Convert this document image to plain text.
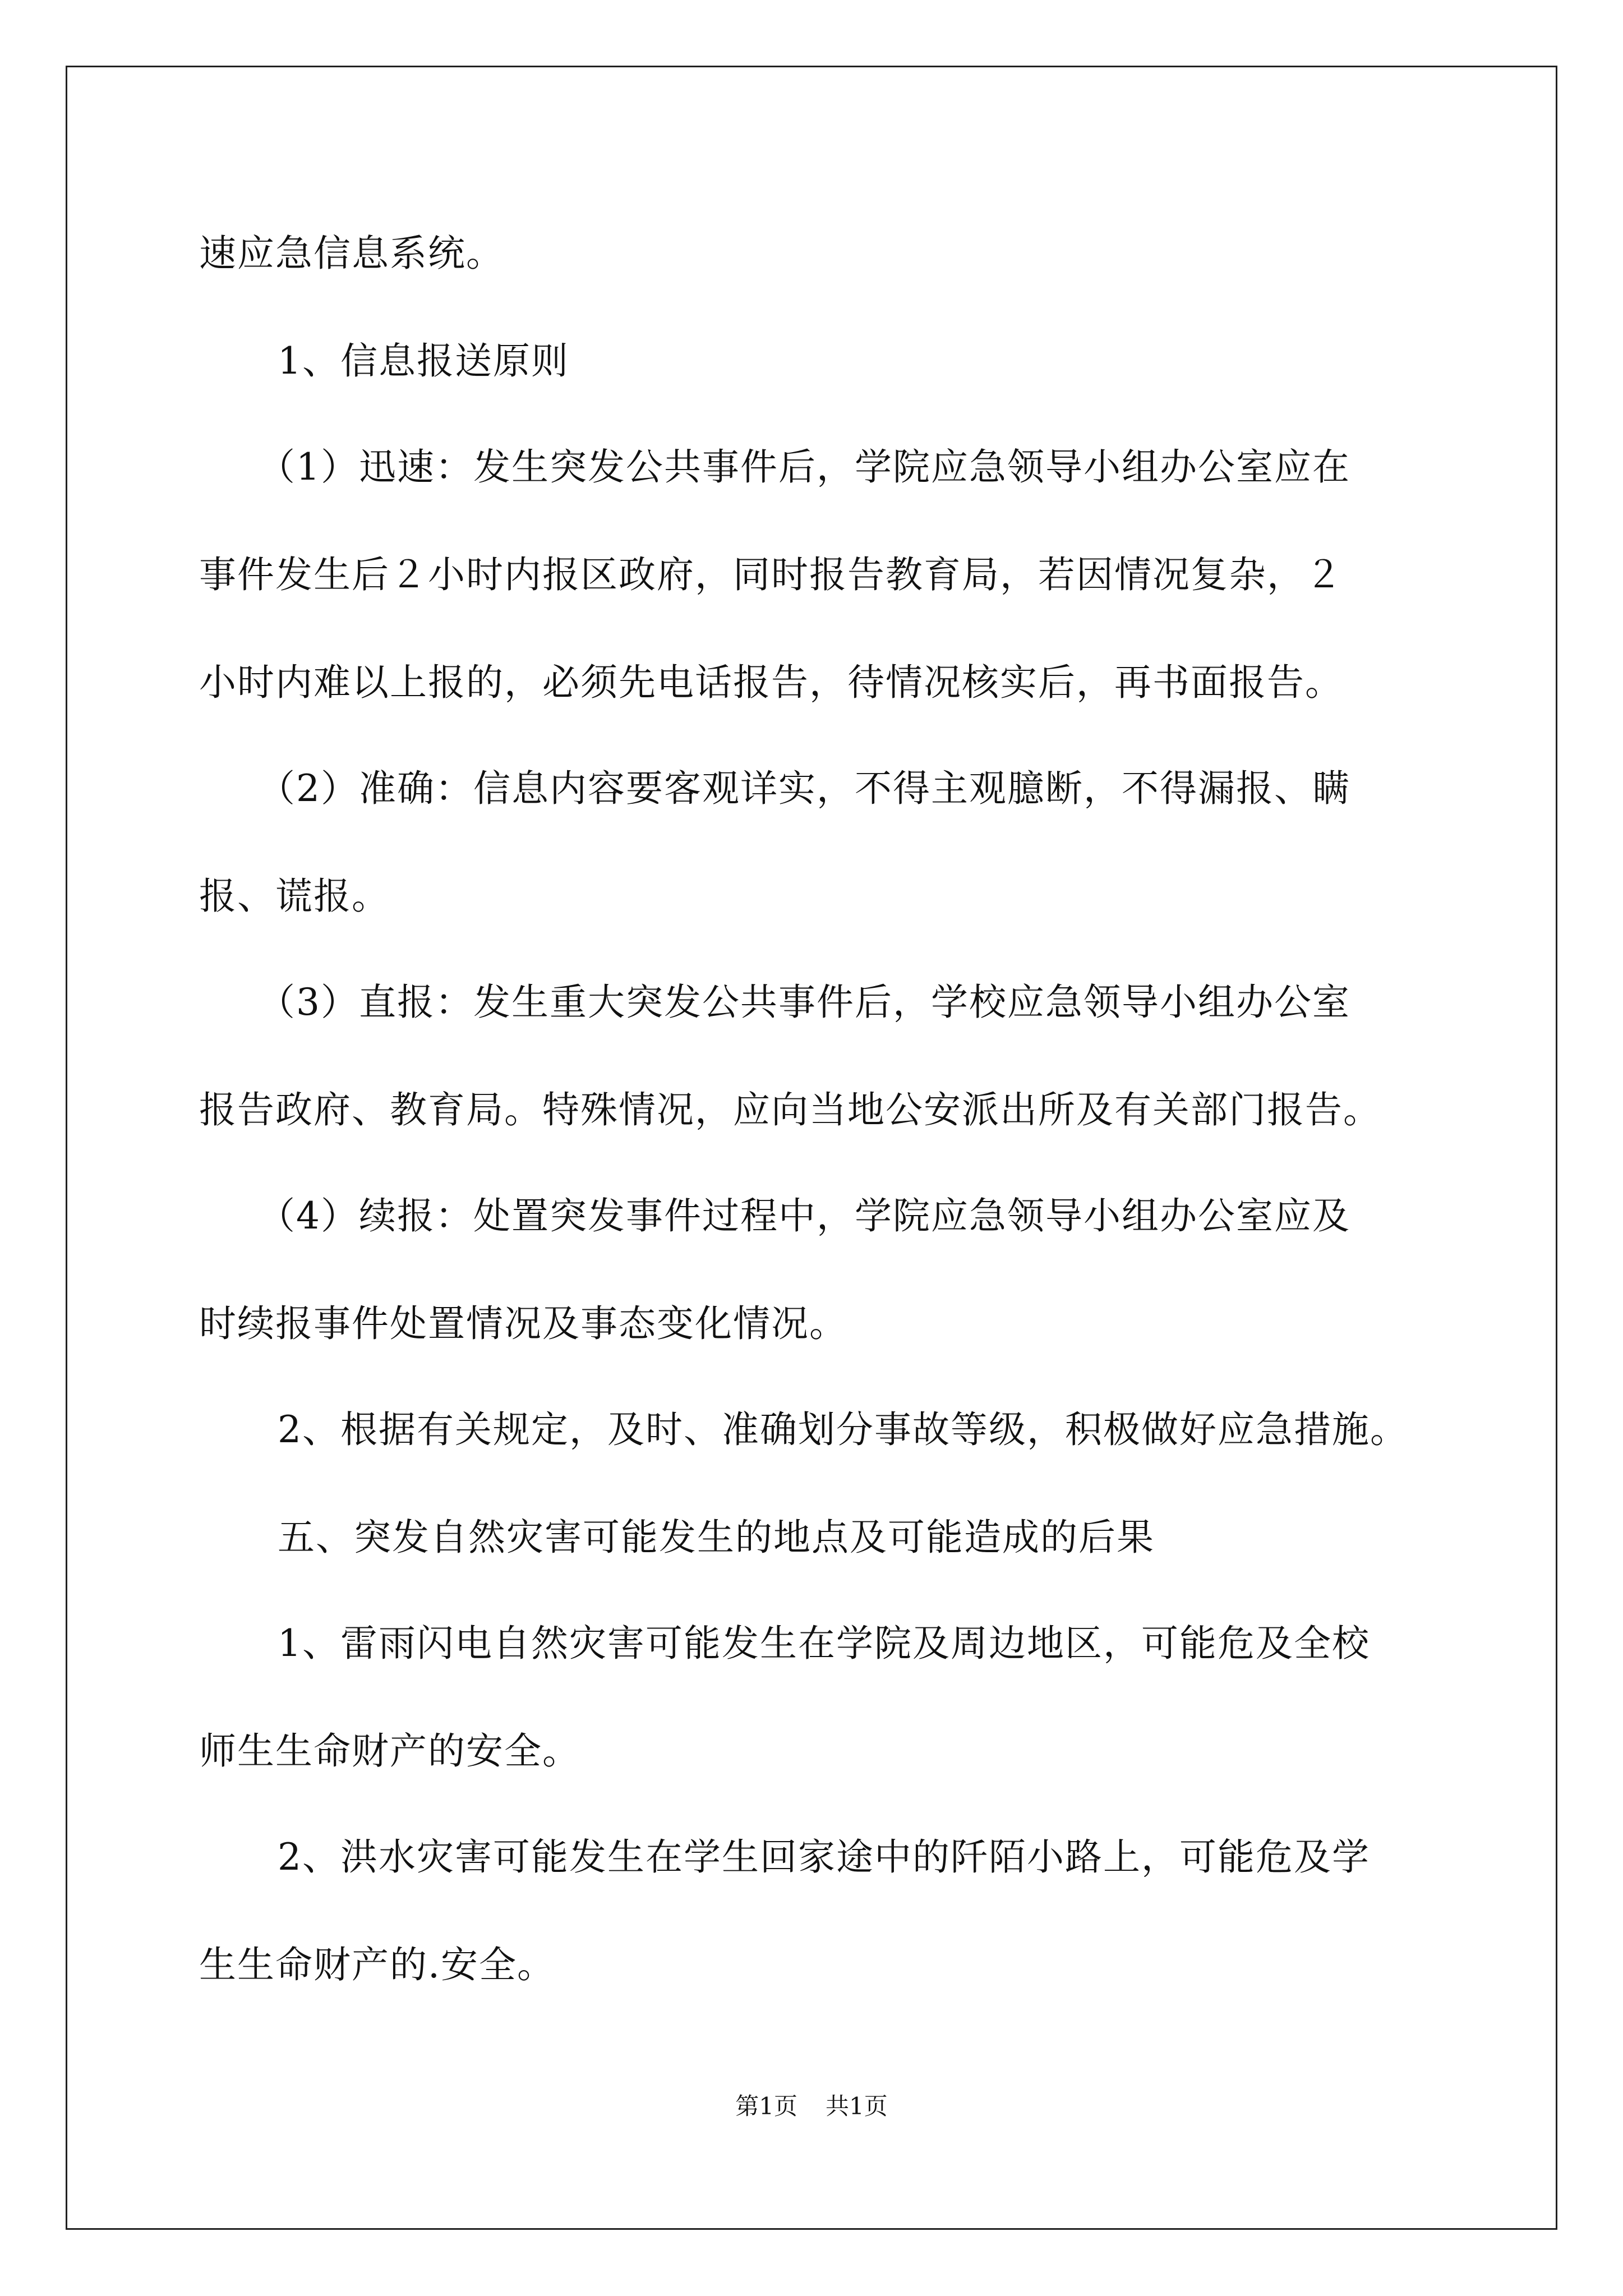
速应急信息系统。
1、信息报送原则
（1）迅速：发生突发公共事件后，学院应急领导小组办公室应在
事件发生后２小时内报区政府，同时报告教育局，若因情况复杂，２
小时内难以上报的，必须先电话报告，待情况核实后，再书面报告。
（2）准确：信息内容要客观详实，不得主观臆断，不得漏报、瞒
报、谎报。
（3）直报：发生重大突发公共事件后，学校应急领导小组办公室
报告政府、教育局。特殊情况，应向当地公安派出所及有关部门报告。
（4）续报：处置突发事件过程中，学院应急领导小组办公室应及
时续报事件处置情况及事态变化情况。
2、根据有关规定，及时、准确划分事故等级，积极做好应急措施。
五、突发自然灾害可能发生的地点及可能造成的后果
1、雷雨闪电自然灾害可能发生在学院及周边地区，可能危及全校
师生生命财产的安全。
2、洪水灾害可能发生在学生回家途中的阡陌小路上，可能危及学
生生命财产的.安全。
第1页 共1页
